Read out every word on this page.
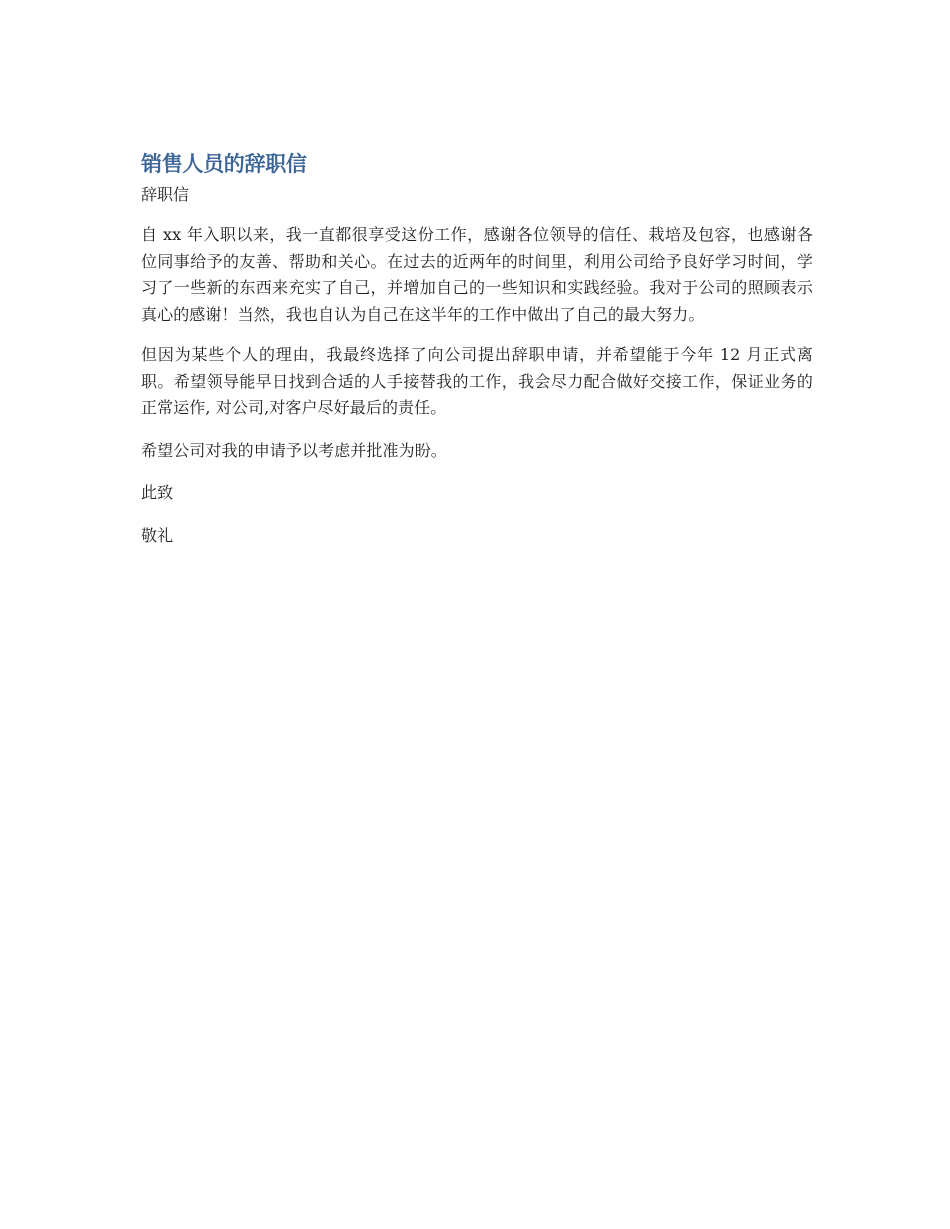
销售人员的辞职信

辞职信

自 xx 年入职以来，我一直都很享受这份工作，感谢各位领导的信任、栽培及包容，也感谢各位同事给予的友善、帮助和关心。在过去的近两年的时间里，利用公司给予良好学习时间，学习了一些新的东西来充实了自己，并增加自己的一些知识和实践经验。我对于公司的照顾表示真心的感谢！当然，我也自认为自己在这半年的工作中做出了自己的最大努力。

但因为某些个人的理由，我最终选择了向公司提出辞职申请，并希望能于今年 12 月正式离职。希望领导能早日找到合适的人手接替我的工作，我会尽力配合做好交接工作，保证业务的正常运作, 对公司,对客户尽好最后的责任。

希望公司对我的申请予以考虑并批准为盼。

此致

敬礼
